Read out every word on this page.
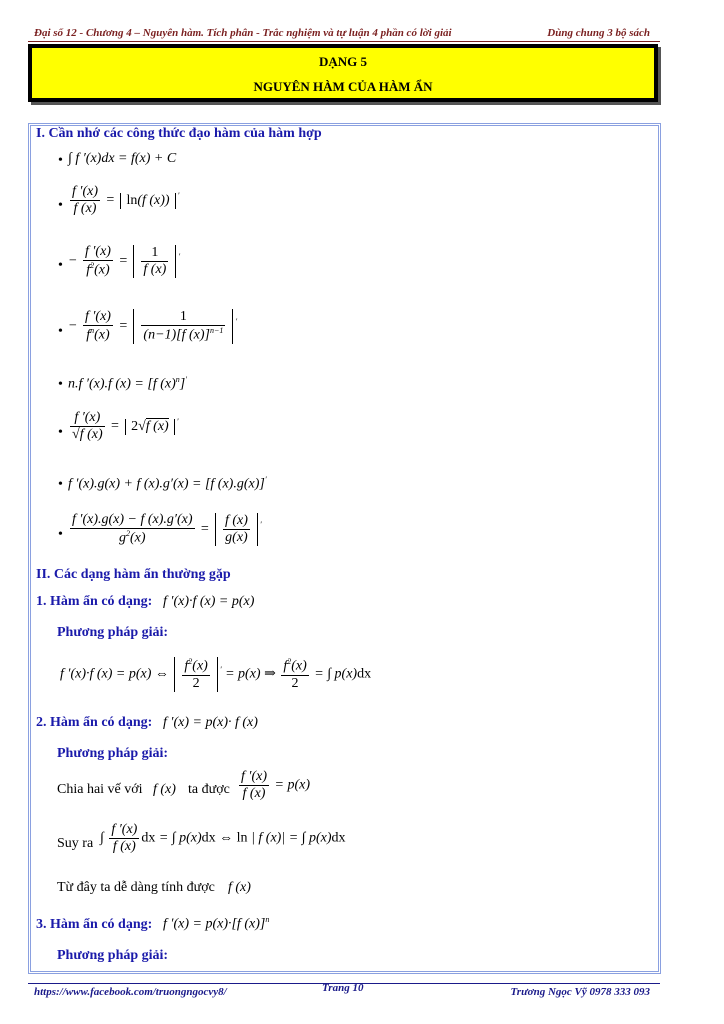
Đại số 12 - Chương 4 – Nguyên hàm. Tích phân - Trắc nghiệm và tự luận 4 phần có lời giải	Dùng chung 3 bộ sách
DẠNG 5
NGUYÊN HÀM CỦA HÀM ẨN
I. Cần nhớ các công thức đạo hàm của hàm hợp
• ∫ f ′(x)dx = f(x) + C
• $\frac{f '(x)}{f (x)} = \ln(f$ (x)) ′
• − $\frac{f '(x)}{f^2(x)} = \frac{1}{f (x)} '$
• − $\frac{f '(x)}{f^n(x)} = \frac{1}{(n-1)[f (x)]^{n-1}} '$
• n.f ′(x).f (x) = [f $(x)^n]'$
• $\frac{f '(x)}{√f (x)} = 2√f$ (x) ′
• f ′(x).g(x) + f (x).g′(x) = [f (x).g(x)]′
• $\frac{f '(x).g(x) - f (x).g'(x)}{g^2(x)} = \frac{f (x)}{g(x)} '$
II. Các dạng hàm ẩn thường gặp
1. Hàm ẩn có dạng: f ′(x)·f (x) = p(x)
Phương pháp giải:
f ′(x)·f (x) = p(x) ⇔ $\frac{f^2(x)}{2} ' = p(x)$ ⇒ $\frac{f^2(x)}{2}$ = ∫ p(x)dx
2. Hàm ẩn có dạng: f ′(x) = p(x)· f (x)
Phương pháp giải:
Chia hai vế với f (x) ta được $\frac{f '(x)}{f (x)} = p(x)$
Suy ra ∫ $\frac{f '(x)}{f (x)}$ dx = ∫ p(x)dx ⇔ ln | f (x)| = ∫ p(x)dx
Từ đây ta dễ dàng tính được f (x)
3. Hàm ẩn có dạng: f ′(x) = p(x)·[f (x)]$^n$
Phương pháp giải:
https://www.facebook.com/truongngocvy8/	Trang 10	Trương Ngọc Vỹ 0978 333 093
